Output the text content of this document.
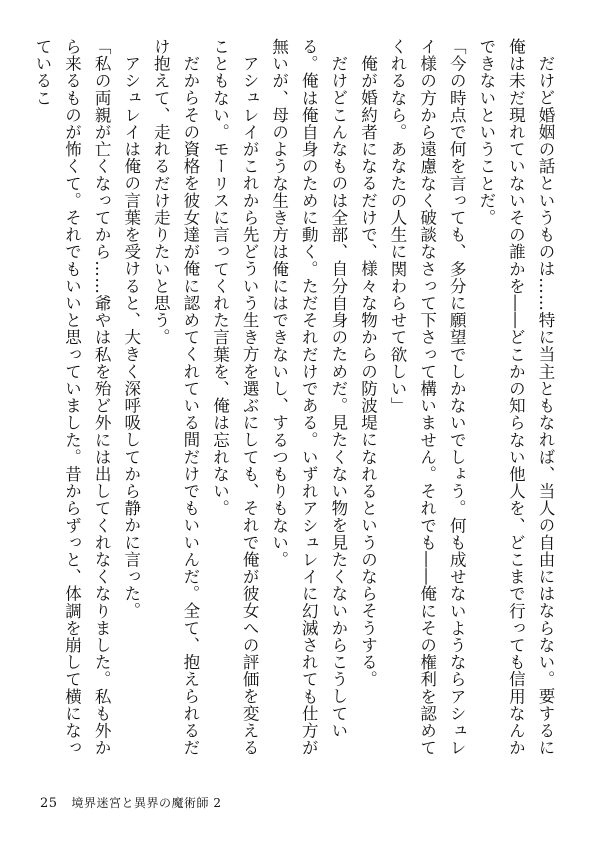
だけど婚姻の話というものは……特に当主ともなれば、当人の自由にはならない。要するに俺は未だ現れていないその誰かを――どこかの知らない他人を、どこまで行っても信用なんかできないということだ。

「今の時点で何を言っても、多分に願望でしかないでしょう。何も成せないようならアシュレイ様の方から遠慮なく破談なさって下さって構いません。それでも――俺にその権利を認めてくれるなら。あなたの人生に関わらせて欲しい」

俺が婚約者になるだけで、様々な物からの防波堤になれるというのならそうする。

だけどこんなものは全部、自分自身のためだ。見たくない物を見たくないからこうしている。俺は俺自身のために動く。ただそれだけである。いずれアシュレイに幻滅されても仕方が無いが、母のような生き方は俺にはできないし、するつもりもない。

アシュレイがこれから先どういう生き方を選ぶにしても、それで俺が彼女への評価を変えることもない。モーリスに言ってくれた言葉を、俺は忘れない。

だからその資格を彼女達が俺に認めてくれている間だけでもいいんだ。全て、抱えられるだけ抱えて、走れるだけ走りたいと思う。

アシュレイは俺の言葉を受けると、大きく深呼吸してから静かに言った。

「私の両親が亡くなってから……爺やは私を殆ど外には出してくれなくなりました。私も外から来るものが怖くて。それでもいいと思っていました。昔からずっと、体調を崩して横になっているこ

25 境界迷宮と異界の魔術師 2
